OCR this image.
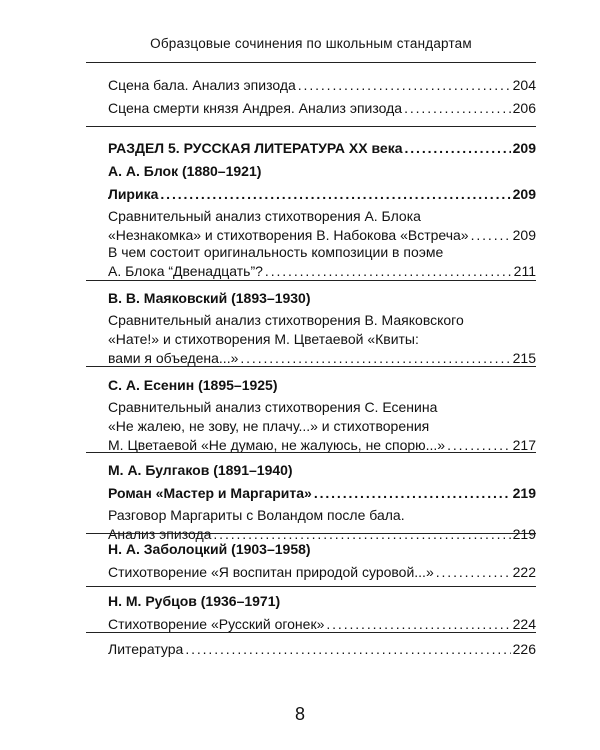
Образцовые сочинения по школьным стандартам
Сцена бала. Анализ эпизода . . .	204
Сцена смерти князя Андрея. Анализ эпизода . . .	206
РАЗДЕЛ 5. РУССКАЯ ЛИТЕРАТУРА XX века . . .	209
А. А. Блок (1880–1921)
Лирика . . .	209
Сравнительный анализ стихотворения А. Блока
«Незнакомка» и стихотворения В. Набокова «Встреча» . . .	209
В чем состоит оригинальность композиции в поэме
А. Блока “Двенадцать”? . . .	211
В. В. Маяковский (1893–1930)
Сравнительный анализ стихотворения В. Маяковского
«Нате!» и стихотворения М. Цветаевой «Квиты:
вами я объедена...» . . .	215
С. А. Есенин (1895–1925)
Сравнительный анализ стихотворения С. Есенина
«Не жалею, не зову, не плачу...» и стихотворения
М. Цветаевой «Не думаю, не жалуюсь, не спорю...» . . .	217
М. А. Булгаков (1891–1940)
Роман «Мастер и Маргарита» . . .	219
Разговор Маргариты с Воландом после бала.
Анализ эпизода . . .	219
Н. А. Заболоцкий (1903–1958)
Стихотворение «Я воспитан природой суровой...» . . .	222
Н. М. Рубцов (1936–1971)
Стихотворение «Русский огонек» . . .	224
Литература . . .	226
8
